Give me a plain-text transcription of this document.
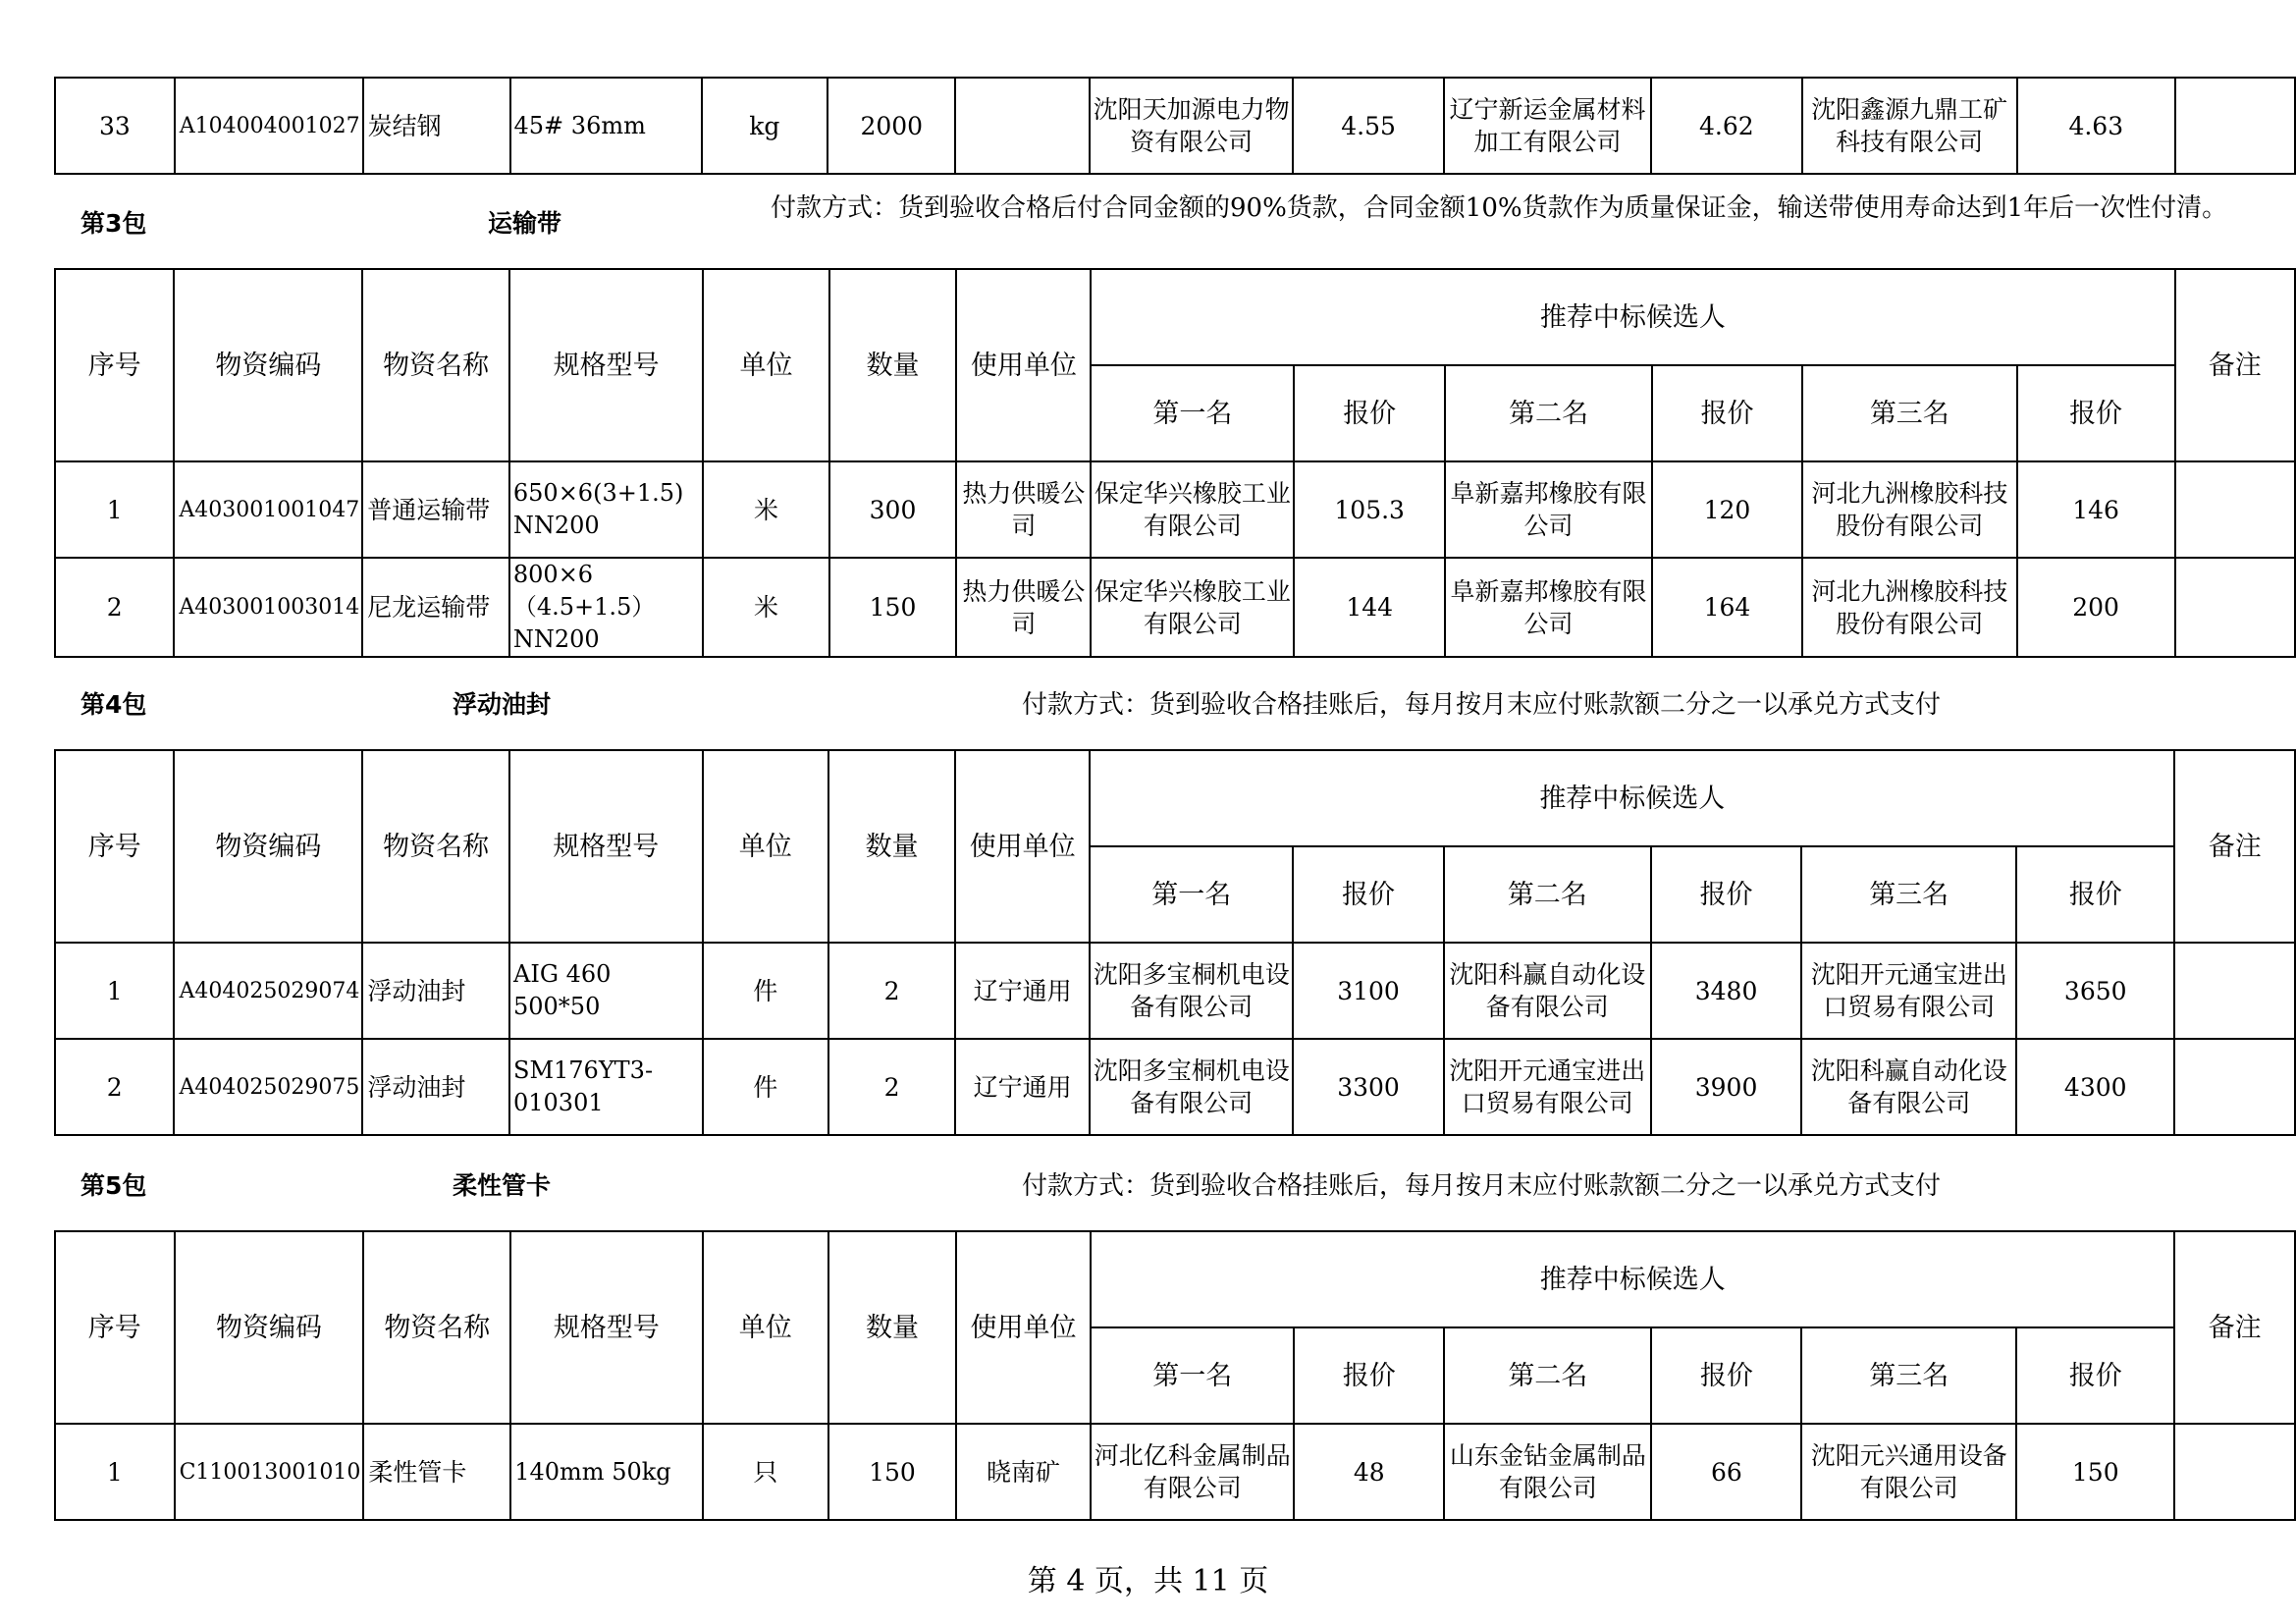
33	A104004001027	炭结钢	45# 36mm	kg	2000		沈阳天加源电力物资有限公司	4.55	辽宁新运金属材料加工有限公司	4.62	沈阳鑫源九鼎工矿科技有限公司	4.63	
第3包	运输带
付款方式：货到验收合格后付合同金额的90%货款，合同金额10%货款作为质量保证金，输送带使用寿命达到1年后一次性付清。
序号	物资编码	物资名称	规格型号	单位	数量	使用单位	推荐中标候选人						备注
							第一名	报价	第二名	报价	第三名	报价	
1	A403001001047	普通运输带	650×6(3+1.5) NN200	米	300	热力供暖公司	保定华兴橡胶工业有限公司	105.3	阜新嘉邦橡胶有限公司	120	河北九洲橡胶科技股份有限公司	146	
2	A403001003014	尼龙运输带	800×6 （4.5+1.5） NN200	米	150	热力供暖公司	保定华兴橡胶工业有限公司	144	阜新嘉邦橡胶有限公司	164	河北九洲橡胶科技股份有限公司	200	
第4包	浮动油封	付款方式：货到验收合格挂账后，每月按月末应付账款额二分之一以承兑方式支付
序号	物资编码	物资名称	规格型号	单位	数量	使用单位	推荐中标候选人						备注
							第一名	报价	第二名	报价	第三名	报价	
1	A404025029074	浮动油封	AIG 460 500*50	件	2	辽宁通用	沈阳多宝桐机电设备有限公司	3100	沈阳科赢自动化设备有限公司	3480	沈阳开元通宝进出口贸易有限公司	3650	
2	A404025029075	浮动油封	SM176YT3-010301	件	2	辽宁通用	沈阳多宝桐机电设备有限公司	3300	沈阳开元通宝进出口贸易有限公司	3900	沈阳科赢自动化设备有限公司	4300	
第5包	柔性管卡	付款方式：货到验收合格挂账后，每月按月末应付账款额二分之一以承兑方式支付
序号	物资编码	物资名称	规格型号	单位	数量	使用单位	推荐中标候选人						备注
							第一名	报价	第二名	报价	第三名	报价	
1	C110013001010	柔性管卡	140mm 50kg	只	150	晓南矿	河北亿科金属制品有限公司	48	山东金钻金属制品有限公司	66	沈阳元兴通用设备有限公司	150	
第 4 页，共 11 页
